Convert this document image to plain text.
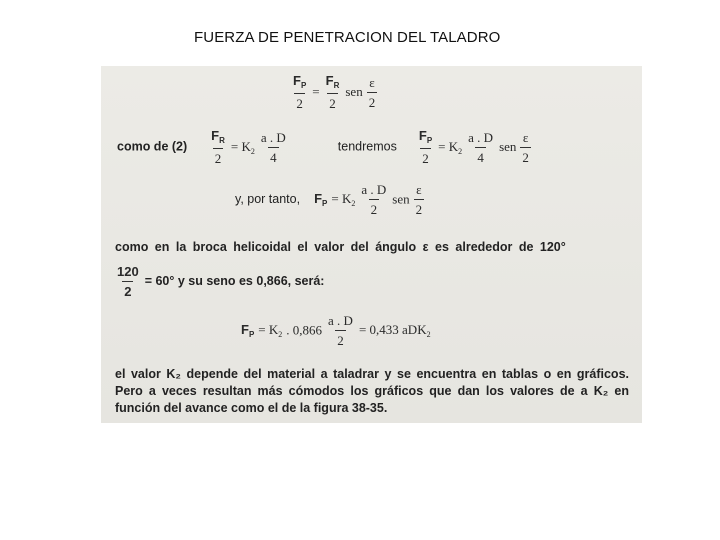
FUERZA DE PENETRACION DEL TALADRO
$\frac{F_P}{2} = \frac{F_R}{2}$ sen $\frac{\varepsilon}{2}$
como de $(2) \frac{F_R}{2} = K_2 \frac{a . D}{4}$	tendremos $\frac{F_P}{2} = K_2 \frac{a . D}{4}$ sen $\frac{\varepsilon}{2}$
y, por tanto, $F_P = K_2 \frac{a . D}{2}$ sen $\frac{\varepsilon}{2}$
como en la broca helicoidal el valor del ángulo ε es alrededor de 120°
$\frac{120}{2} = 60^\circ$ y su seno es 0,866, será:
$F_P = K_2$ . $0,866 \frac{a . D}{2} = 0,433$ aDK$_2$
el valor K₂ depende del material a taladrar y se encuentra en tablas o en gráficos. Pero a veces resultan más cómodos los gráficos que dan los valores de a K₂ en función del avance como el de la figura 38-35.
